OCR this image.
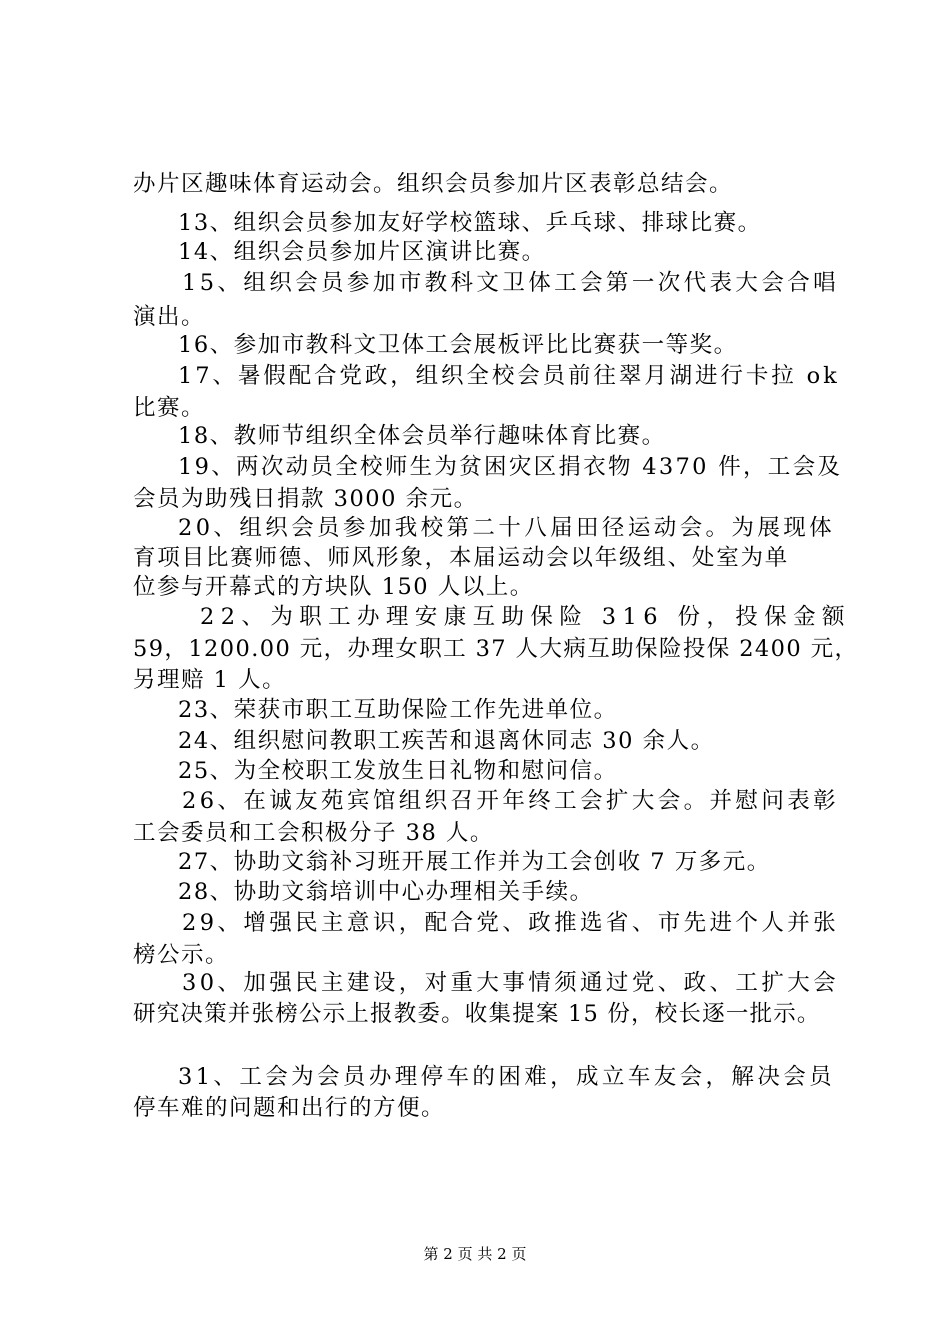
办片区趣味体育运动会。组织会员参加片区表彰总结会。
13、组织会员参加友好学校篮球、乒乓球、排球比赛。
14、组织会员参加片区演讲比赛。
15、组织会员参加市教科文卫体工会第一次代表大会合唱
演出。
16、参加市教科文卫体工会展板评比比赛获一等奖。
17、暑假配合党政，组织全校会员前往翠月湖进行卡拉 ok
比赛。
18、教师节组织全体会员举行趣味体育比赛。
19、两次动员全校师生为贫困灾区捐衣物 4370 件，工会及
会员为助残日捐款 3000 余元。
20、组织会员参加我校第二十八届田径运动会。为展现体
育项目比赛师德、师风形象，本届运动会以年级组、处室为单
位参与开幕式的方块队 150 人以上。
22、为职工办理安康互助保险 316 份，投保金额
59，1200.00 元，办理女职工 37 人大病互助保险投保 2400 元，
另理赔 1 人。
23、荣获市职工互助保险工作先进单位。
24、组织慰问教职工疾苦和退离休同志 30 余人。
25、为全校职工发放生日礼物和慰问信。
26、在诚友苑宾馆组织召开年终工会扩大会。并慰问表彰
工会委员和工会积极分子 38 人。
27、协助文翁补习班开展工作并为工会创收 7 万多元。
28、协助文翁培训中心办理相关手续。
29、增强民主意识，配合党、政推选省、市先进个人并张
榜公示。
30、加强民主建设，对重大事情须通过党、政、工扩大会
研究决策并张榜公示上报教委。收集提案 15 份，校长逐一批示。
31、工会为会员办理停车的困难，成立车友会，解决会员
停车难的问题和出行的方便。
第 2 页 共 2 页
